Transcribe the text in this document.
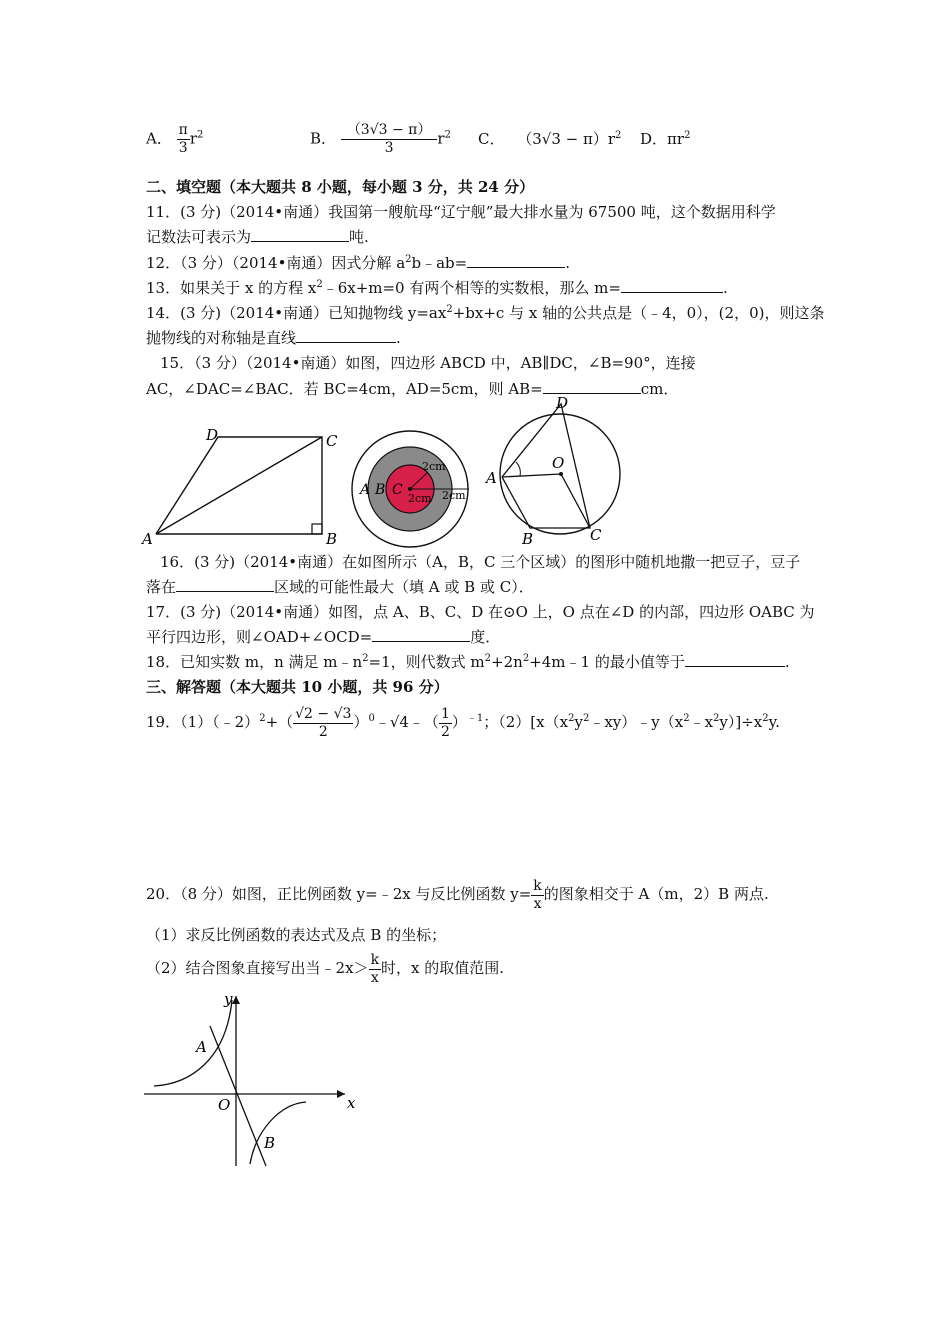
A． $\frac{\pi}{3} r^2$	B． $\frac{(3√3 - \pi)}{3} r^2$ C． $(3√3 - \pi)r^2$ D．$\pi r^2$
二、填空题（本大题共 8 小题，每小题 3 分，共 24 分）
11．(3 分)（2014•南通）我国第一艘航母“辽宁舰”最大排水量为 67500 吨，这个数据用科学
记数法可表示为	吨.
12．（3 分）（2014•南通）因式分解 $a^2b﹣ab=$	.
13．如果关于 x 的方程 $x^2﹣6x+m=0$ 有两个相等的实数根，那么 m=	.
14．(3 分)（2014•南通）已知抛物线 $y=ax^2+bx+c$ 与 x 轴的公共点是（﹣4，0），(2，0)，则这条
抛物线的对称轴是直线	.
15．（3 分）（2014•南通）如图，四边形 ABCD 中，AB∥DC，∠B=90°，连接
AC，∠DAC=∠BAC．若 BC=4cm，AD=5cm，则 AB=	cm．
A	B
C
D
A B C
2cm
2cm 2cm
A
B	C
D
O
16．(3 分)（2014•南通）在如图所示（A，B，C 三个区域）的图形中随机地撒一把豆子，豆子
落在	区域的可能性最大（填 A 或 B 或 C）．
17．(3 分)（2014•南通）如图，点 A、B、C、D 在⊙O 上，O 点在∠D 的内部，四边形 OABC 为
平行四边形，则∠OAD+∠OCD=	度．
18．已知实数 m，n 满足 $m﹣n^2=1$，则代数式 $m^2+2n^2+4m﹣1$ 的最小值等于	.
三、解答题（本大题共 10 小题，共 96 分）
19．（1）（﹣2）$^2$+（ $\frac{√2 - √3}{2}$ ）$^0$﹣√4﹣（ $\frac{1}{2} )^{﹣1}$；$(2)[x(x^2y^2﹣xy)﹣y(x^2﹣x^2y)]\div x^2y$.
20．（8 分）如图，正比例函数 y=﹣2x 与反比例函数 $y= \frac{k}{x}$ 的图象相交于 A（m，2）B 两点.
（1）求反比例函数的表达式及点 B 的坐标；
（2）结合图象直接写出当﹣2x＞ $\frac{k}{x}$ 时，x 的取值范围.
x
y
O
A
B
